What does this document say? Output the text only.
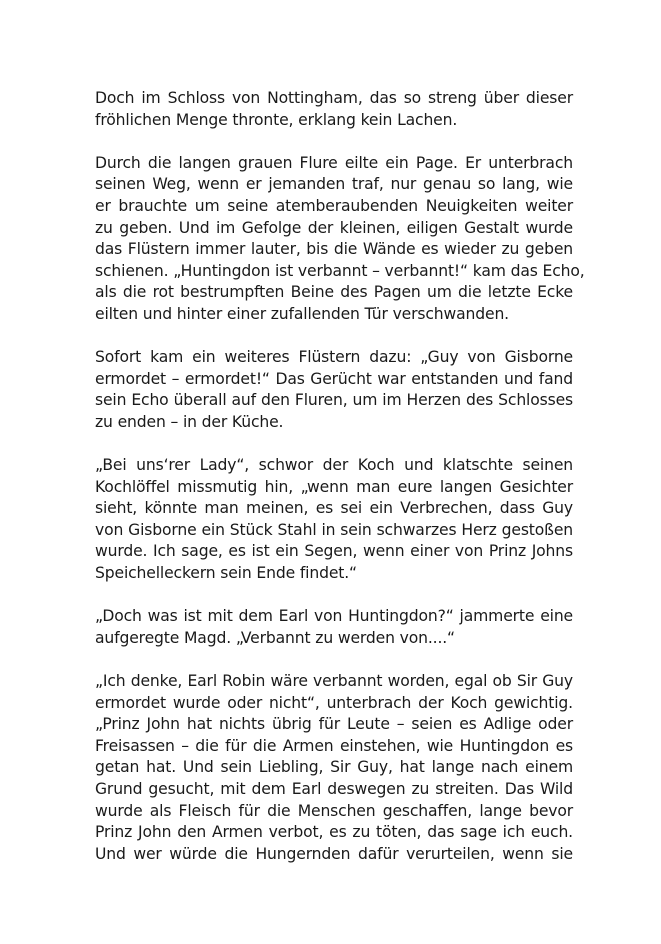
Doch im Schloss von Nottingham, das so streng über dieser
fröhlichen Menge thronte, erklang kein Lachen.
Durch die langen grauen Flure eilte ein Page. Er unterbrach
seinen Weg, wenn er jemanden traf, nur genau so lang, wie
er brauchte um seine atemberaubenden Neuigkeiten weiter
zu geben. Und im Gefolge der kleinen, eiligen Gestalt wurde
das Flüstern immer lauter, bis die Wände es wieder zu geben
schienen. „Huntingdon ist verbannt – verbannt!“ kam das Echo,
als die rot bestrumpften Beine des Pagen um die letzte Ecke
eilten und hinter einer zufallenden Tür verschwanden.
Sofort kam ein weiteres Flüstern dazu: „Guy von Gisborne
ermordet – ermordet!“ Das Gerücht war entstanden und fand
sein Echo überall auf den Fluren, um im Herzen des Schlosses
zu enden – in der Küche.
„Bei uns‘rer Lady“, schwor der Koch und klatschte seinen
Kochlöffel missmutig hin, „wenn man eure langen Gesichter
sieht, könnte man meinen, es sei ein Verbrechen, dass Guy
von Gisborne ein Stück Stahl in sein schwarzes Herz gestoßen
wurde. Ich sage, es ist ein Segen, wenn einer von Prinz Johns
Speichelleckern sein Ende findet.“
„Doch was ist mit dem Earl von Huntingdon?“ jammerte eine
aufgeregte Magd. „Verbannt zu werden von....“
„Ich denke, Earl Robin wäre verbannt worden, egal ob Sir Guy
ermordet wurde oder nicht“, unterbrach der Koch gewichtig.
„Prinz John hat nichts übrig für Leute – seien es Adlige oder
Freisassen – die für die Armen einstehen, wie Huntingdon es
getan hat. Und sein Liebling, Sir Guy, hat lange nach einem
Grund gesucht, mit dem Earl deswegen zu streiten. Das Wild
wurde als Fleisch für die Menschen geschaffen, lange bevor
Prinz John den Armen verbot, es zu töten, das sage ich euch.
Und wer würde die Hungernden dafür verurteilen, wenn sie
